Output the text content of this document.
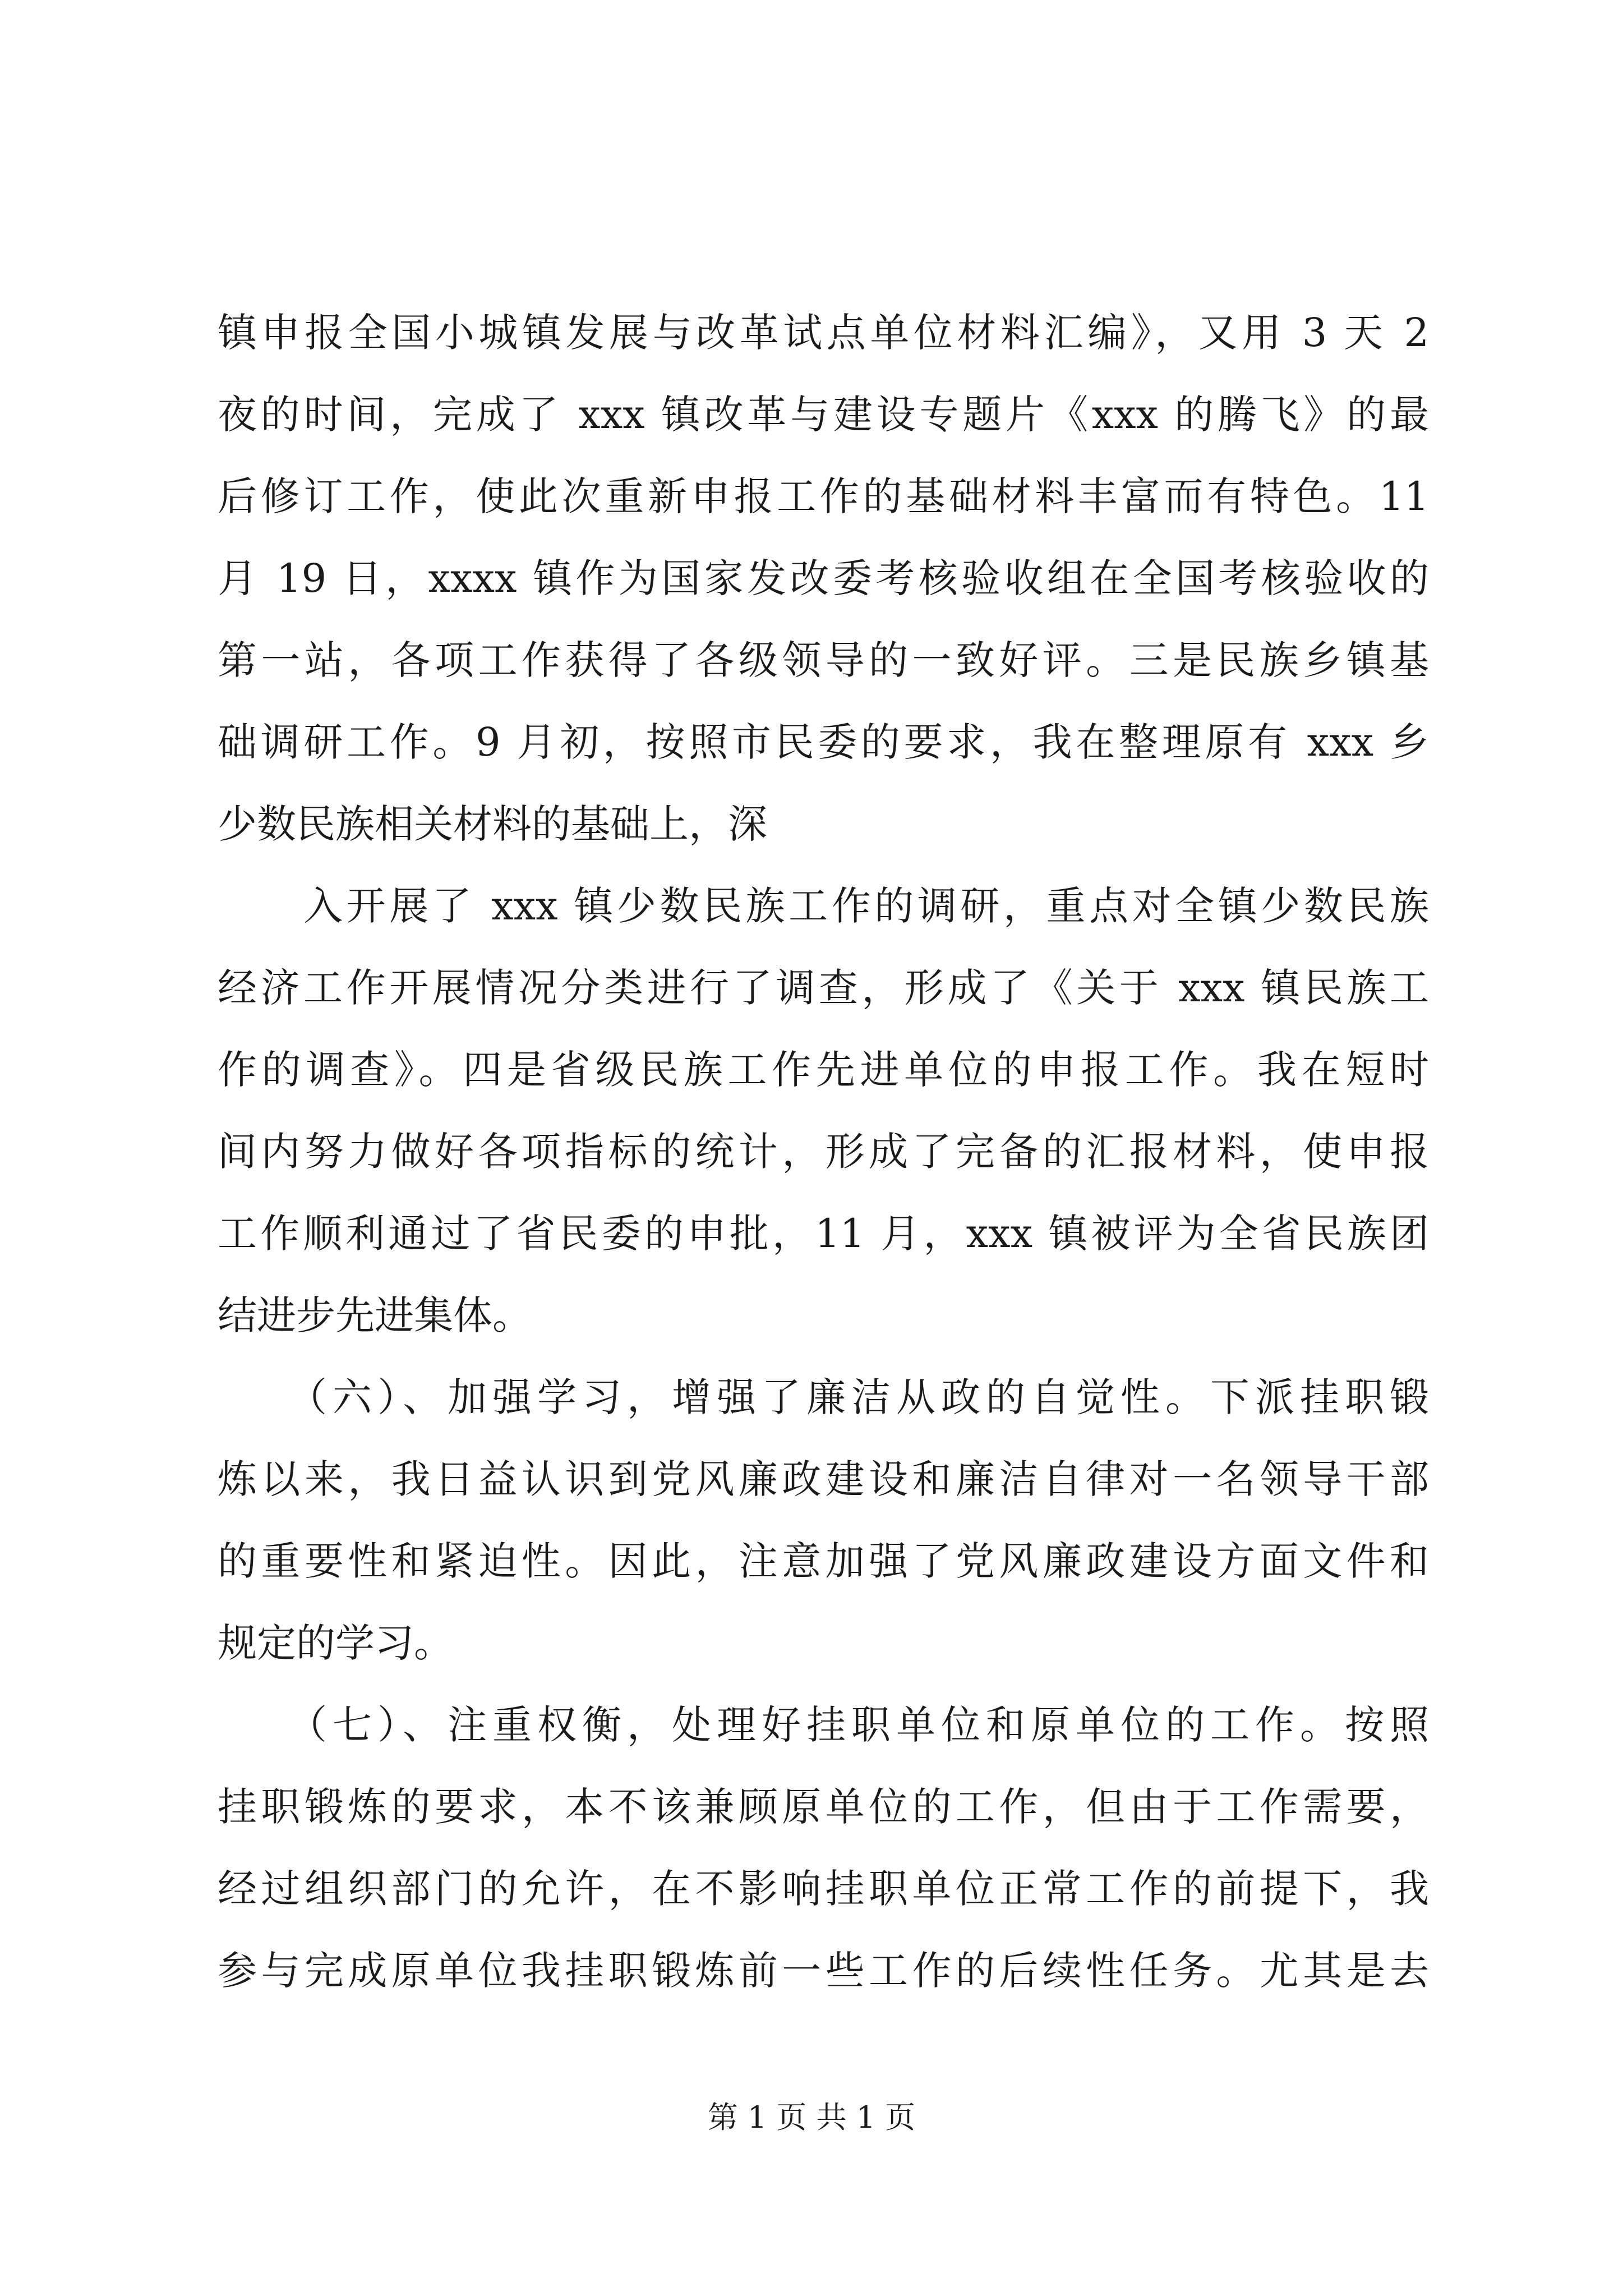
镇申报全国小城镇发展与改革试点单位材料汇编》，又用 3 天 2
夜的时间，完成了 xxx 镇改革与建设专题片《xxx 的腾飞》的最
后修订工作，使此次重新申报工作的基础材料丰富而有特色。11
月 19 日，xxxx 镇作为国家发改委考核验收组在全国考核验收的
第一站，各项工作获得了各级领导的一致好评。三是民族乡镇基
础调研工作。9 月初，按照市民委的要求，我在整理原有 xxx 乡
少数民族相关材料的基础上，深
　　入开展了 xxx 镇少数民族工作的调研，重点对全镇少数民族
经济工作开展情况分类进行了调查，形成了《关于 xxx 镇民族工
作的调查》。四是省级民族工作先进单位的申报工作。我在短时
间内努力做好各项指标的统计，形成了完备的汇报材料，使申报
工作顺利通过了省民委的申批，11 月，xxx 镇被评为全省民族团
结进步先进集体。
　　（六）、加强学习，增强了廉洁从政的自觉性。下派挂职锻
炼以来，我日益认识到党风廉政建设和廉洁自律对一名领导干部
的重要性和紧迫性。因此，注意加强了党风廉政建设方面文件和
规定的学习。
　　（七）、注重权衡，处理好挂职单位和原单位的工作。按照
挂职锻炼的要求，本不该兼顾原单位的工作，但由于工作需要，
经过组织部门的允许，在不影响挂职单位正常工作的前提下，我
参与完成原单位我挂职锻炼前一些工作的后续性任务。尤其是去
第 1 页 共 1 页
